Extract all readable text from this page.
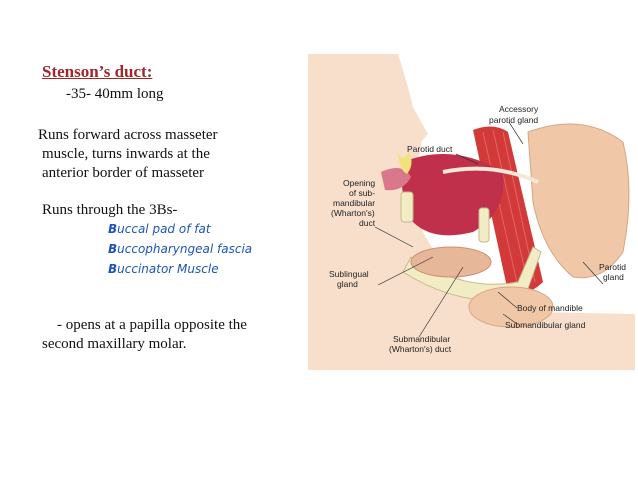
Stenson’s duct:
-35- 40mm long
Runs forward across masseter
muscle, turns inwards at the
anterior border of masseter
Runs through the 3Bs-
Buccal pad of fat
Buccopharyngeal fascia
Buccinator Muscle
- opens at a papilla opposite the
second maxillary molar.
Accessory
parotid gland
Parotid duct
Opening
of sub-
mandibular
(Wharton's)
duct
Sublingual
gland
Parotid
gland
Body of mandible
Submandibular gland
Submandibular
(Wharton's) duct
